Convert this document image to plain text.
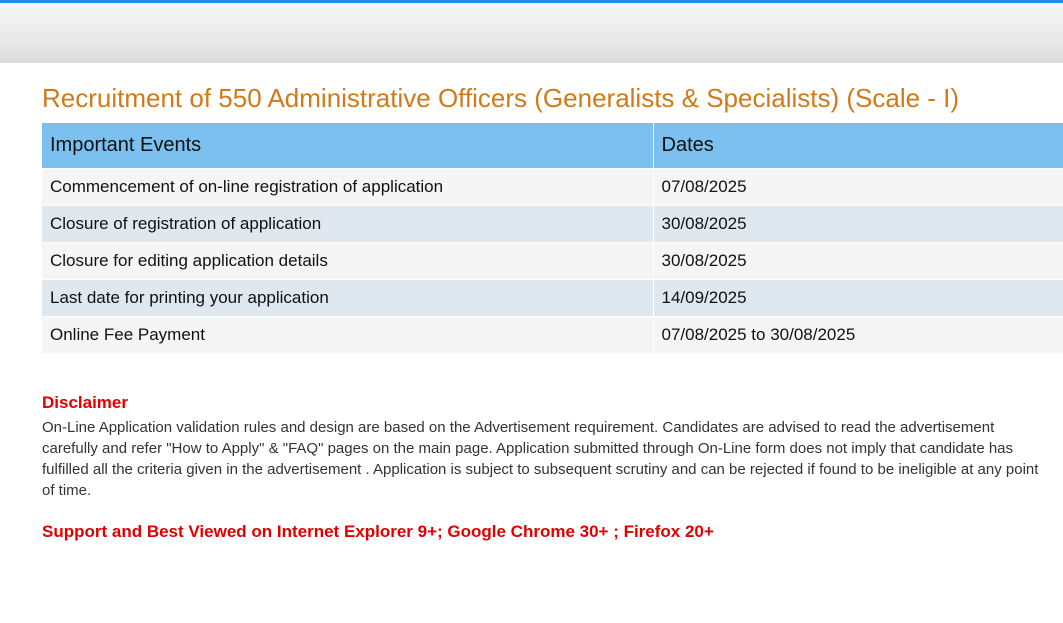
Recruitment of 550 Administrative Officers (Generalists & Specialists) (Scale - I)
Important Events	Dates
Commencement of on-line registration of application	07/08/2025
Closure of registration of application	30/08/2025
Closure for editing application details	30/08/2025
Last date for printing your application	14/09/2025
Online Fee Payment	07/08/2025 to 30/08/2025
Disclaimer
On-Line Application validation rules and design are based on the Advertisement requirement. Candidates are advised to read the advertisement carefully and refer "How to Apply" & "FAQ" pages on the main page. Application submitted through On-Line form does not imply that candidate has fulfilled all the criteria given in the advertisement . Application is subject to subsequent scrutiny and can be rejected if found to be ineligible at any point of time.
Support and Best Viewed on Internet Explorer 9+; Google Chrome 30+ ; Firefox 20+
